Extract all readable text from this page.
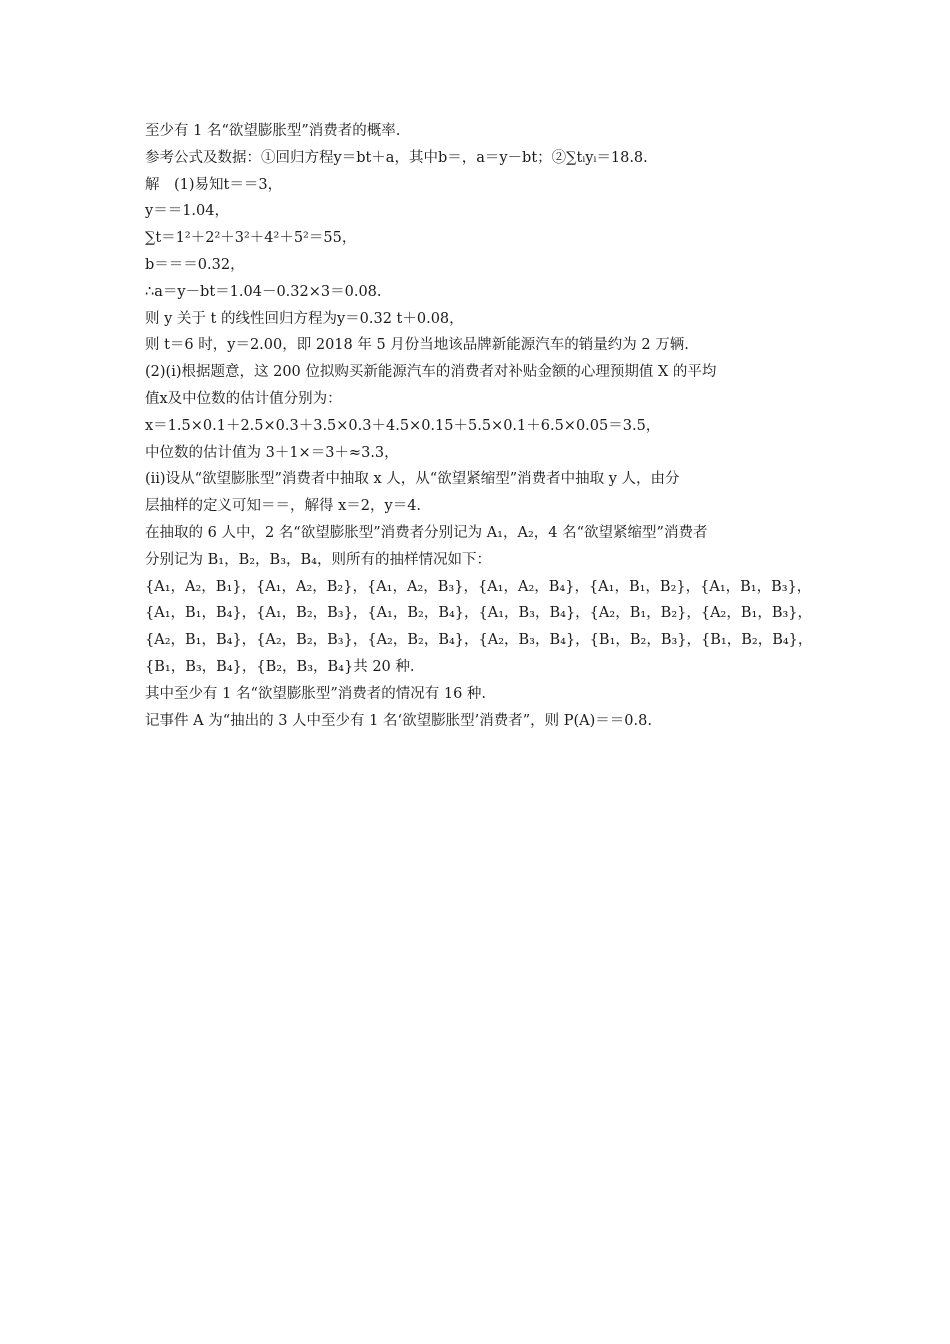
至少有 1 名“欲望膨胀型”消费者的概率.
参考公式及数据：①回归方程y＝bt＋a，其中b＝，a＝y－bt；②∑tᵢyᵢ＝18.8.
解　(1)易知t＝＝3，
y＝＝1.04，
∑t＝1²＋2²＋3²＋4²＋5²＝55，
b＝＝＝0.32，
∴a＝y－bt＝1.04－0.32×3＝0.08.
则 y 关于 t 的线性回归方程为y＝0.32 t＋0.08，
则 t＝6 时，y＝2.00，即 2018 年 5 月份当地该品牌新能源汽车的销量约为 2 万辆.
(2)(ⅰ)根据题意，这 200 位拟购买新能源汽车的消费者对补贴金额的心理预期值 X 的平均
值x及中位数的估计值分别为：
x＝1.5×0.1＋2.5×0.3＋3.5×0.3＋4.5×0.15＋5.5×0.1＋6.5×0.05＝3.5，
中位数的估计值为 3＋1×＝3＋≈3.3，
(ⅱ)设从“欲望膨胀型”消费者中抽取 x 人，从“欲望紧缩型”消费者中抽取 y 人，由分
层抽样的定义可知＝＝，解得 x＝2，y＝4.
在抽取的 6 人中，2 名“欲望膨胀型”消费者分别记为 A₁，A₂，4 名“欲望紧缩型”消费者
分别记为 B₁，B₂，B₃，B₄，则所有的抽样情况如下：
{A₁，A₂，B₁}，{A₁，A₂，B₂}，{A₁，A₂，B₃}，{A₁，A₂，B₄}，{A₁，B₁，B₂}，{A₁，B₁，B₃}，
{A₁，B₁，B₄}，{A₁，B₂，B₃}，{A₁，B₂，B₄}，{A₁，B₃，B₄}，{A₂，B₁，B₂}，{A₂，B₁，B₃}，
{A₂，B₁，B₄}，{A₂，B₂，B₃}，{A₂，B₂，B₄}，{A₂，B₃，B₄}，{B₁，B₂，B₃}，{B₁，B₂，B₄}，
{B₁，B₃，B₄}，{B₂，B₃，B₄}共 20 种.
其中至少有 1 名“欲望膨胀型”消费者的情况有 16 种.
记事件 A 为“抽出的 3 人中至少有 1 名‘欲望膨胀型’消费者”，则 P(A)＝＝0.8.
